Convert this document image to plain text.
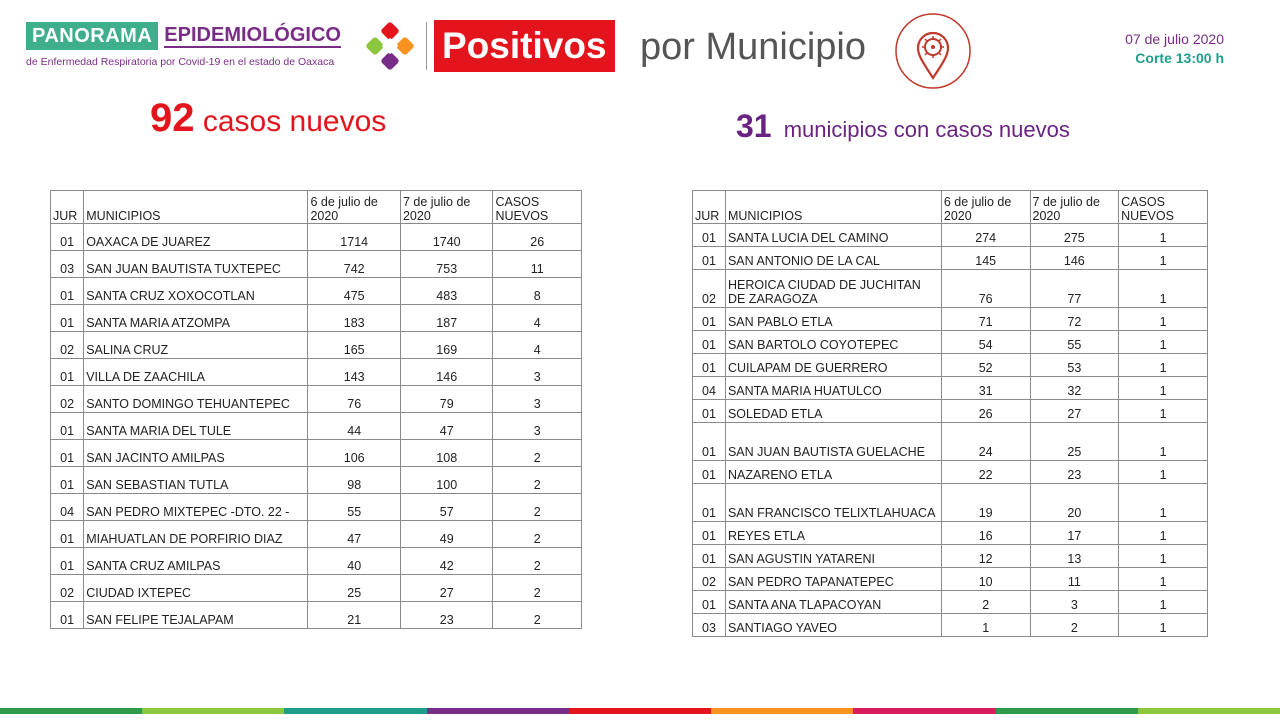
PANORAMA EPIDEMIOLÓGICO
de Enfermedad Respiratoria por Covid-19 en el estado de Oaxaca	Positivos por Municipio	07 de julio 2020
Corte 13:00 h
92 casos nuevos	31 municipios con casos nuevos
JUR	MUNICIPIOS	6 de julio de 2020	7 de julio de 2020	CASOS NUEVOS
01	OAXACA DE JUAREZ	1714	1740	26
03	SAN JUAN BAUTISTA TUXTEPEC	742	753	11
01	SANTA CRUZ XOXOCOTLAN	475	483	8
01	SANTA MARIA ATZOMPA	183	187	4
02	SALINA CRUZ	165	169	4
01	VILLA DE ZAACHILA	143	146	3
02	SANTO DOMINGO TEHUANTEPEC	76	79	3
01	SANTA MARIA DEL TULE	44	47	3
01	SAN JACINTO AMILPAS	106	108	2
01	SAN SEBASTIAN TUTLA	98	100	2
04	SAN PEDRO MIXTEPEC -DTO. 22 -	55	57	2
01	MIAHUATLAN DE PORFIRIO DIAZ	47	49	2
01	SANTA CRUZ AMILPAS	40	42	2
02	CIUDAD IXTEPEC	25	27	2
01	SAN FELIPE TEJALAPAM	21	23	2
JUR	MUNICIPIOS	6 de julio de 2020	7 de julio de 2020	CASOS NUEVOS
01	SANTA LUCIA DEL CAMINO	274	275	1
01	SAN ANTONIO DE LA CAL	145	146	1
02	HEROICA CIUDAD DE JUCHITAN DE ZARAGOZA	76	77	1
01	SAN PABLO ETLA	71	72	1
01	SAN BARTOLO COYOTEPEC	54	55	1
01	CUILAPAM DE GUERRERO	52	53	1
04	SANTA MARIA HUATULCO	31	32	1
01	SOLEDAD ETLA	26	27	1
01	SAN JUAN BAUTISTA GUELACHE	24	25	1
01	NAZARENO ETLA	22	23	1
01	SAN FRANCISCO TELIXTLAHUACA	19	20	1
01	REYES ETLA	16	17	1
01	SAN AGUSTIN YATARENI	12	13	1
02	SAN PEDRO TAPANATEPEC	10	11	1
01	SANTA ANA TLAPACOYAN	2	3	1
03	SANTIAGO YAVEO	1	2	1
